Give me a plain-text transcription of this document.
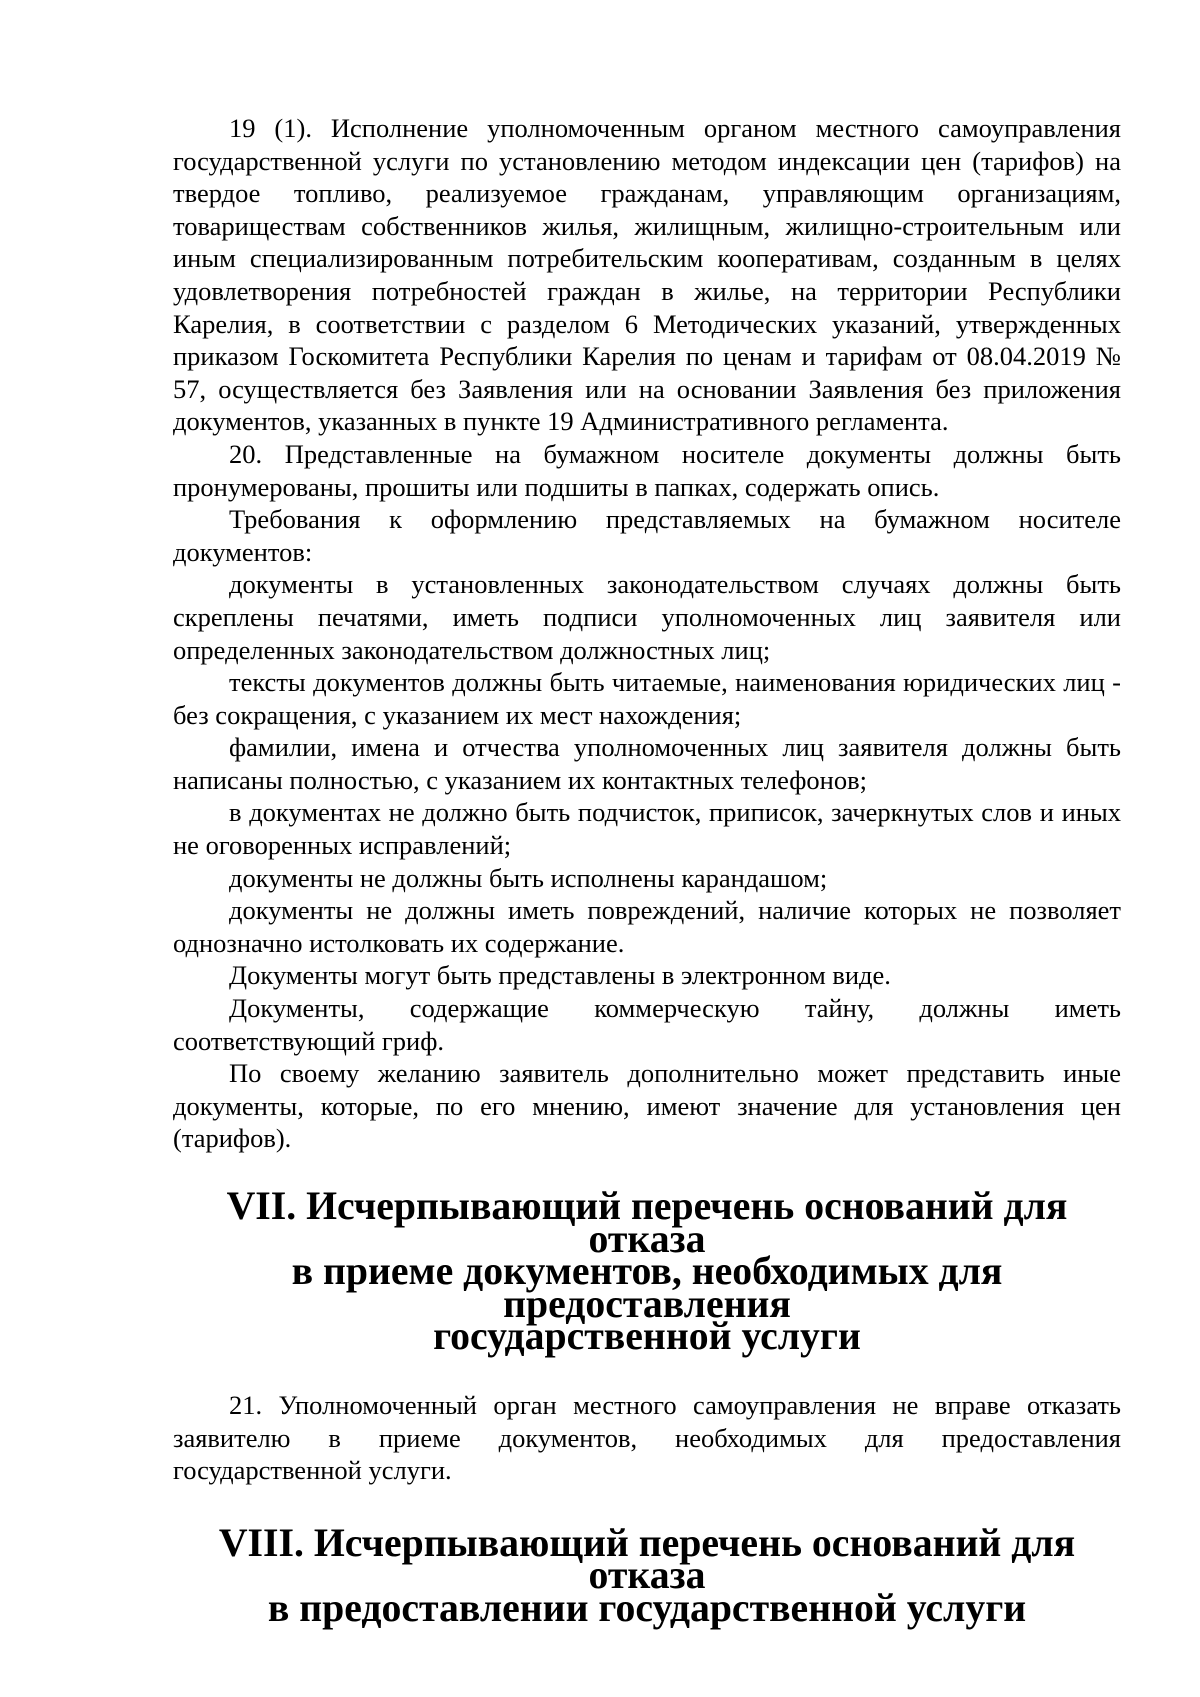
19 (1). Исполнение уполномоченным органом местного самоуправления государственной услуги по установлению методом индексации цен (тарифов) на твердое топливо, реализуемое гражданам, управляющим организациям, товариществам собственников жилья, жилищным, жилищно-строительным или иным специализированным потребительским кооперативам, созданным в целях удовлетворения потребностей граждан в жилье, на территории Республики Карелия, в соответствии с разделом 6 Методических указаний, утвержденных приказом Госкомитета Республики Карелия по ценам и тарифам от 08.04.2019 № 57, осуществляется без Заявления или на основании Заявления без приложения документов, указанных в пункте 19 Административного регламента.

20. Представленные на бумажном носителе документы должны быть пронумерованы, прошиты или подшиты в папках, содержать опись.

Требования к оформлению представляемых на бумажном носителе документов:

документы в установленных законодательством случаях должны быть скреплены печатями, иметь подписи уполномоченных лиц заявителя или определенных законодательством должностных лиц;

тексты документов должны быть читаемые, наименования юридических лиц - без сокращения, с указанием их мест нахождения;

фамилии, имена и отчества уполномоченных лиц заявителя должны быть написаны полностью, с указанием их контактных телефонов;

в документах не должно быть подчисток, приписок, зачеркнутых слов и иных не оговоренных исправлений;

документы не должны быть исполнены карандашом;

документы не должны иметь повреждений, наличие которых не позволяет однозначно истолковать их содержание.

Документы могут быть представлены в электронном виде.

Документы, содержащие коммерческую тайну, должны иметь соответствующий гриф.

По своему желанию заявитель дополнительно может представить иные документы, которые, по его мнению, имеют значение для установления цен (тарифов).

VII. Исчерпывающий перечень оснований для отказа
в приеме документов, необходимых для предоставления
государственной услуги

21. Уполномоченный орган местного самоуправления не вправе отказать заявителю в приеме документов, необходимых для предоставления государственной услуги.

VIII. Исчерпывающий перечень оснований для отказа
в предоставлении государственной услуги
